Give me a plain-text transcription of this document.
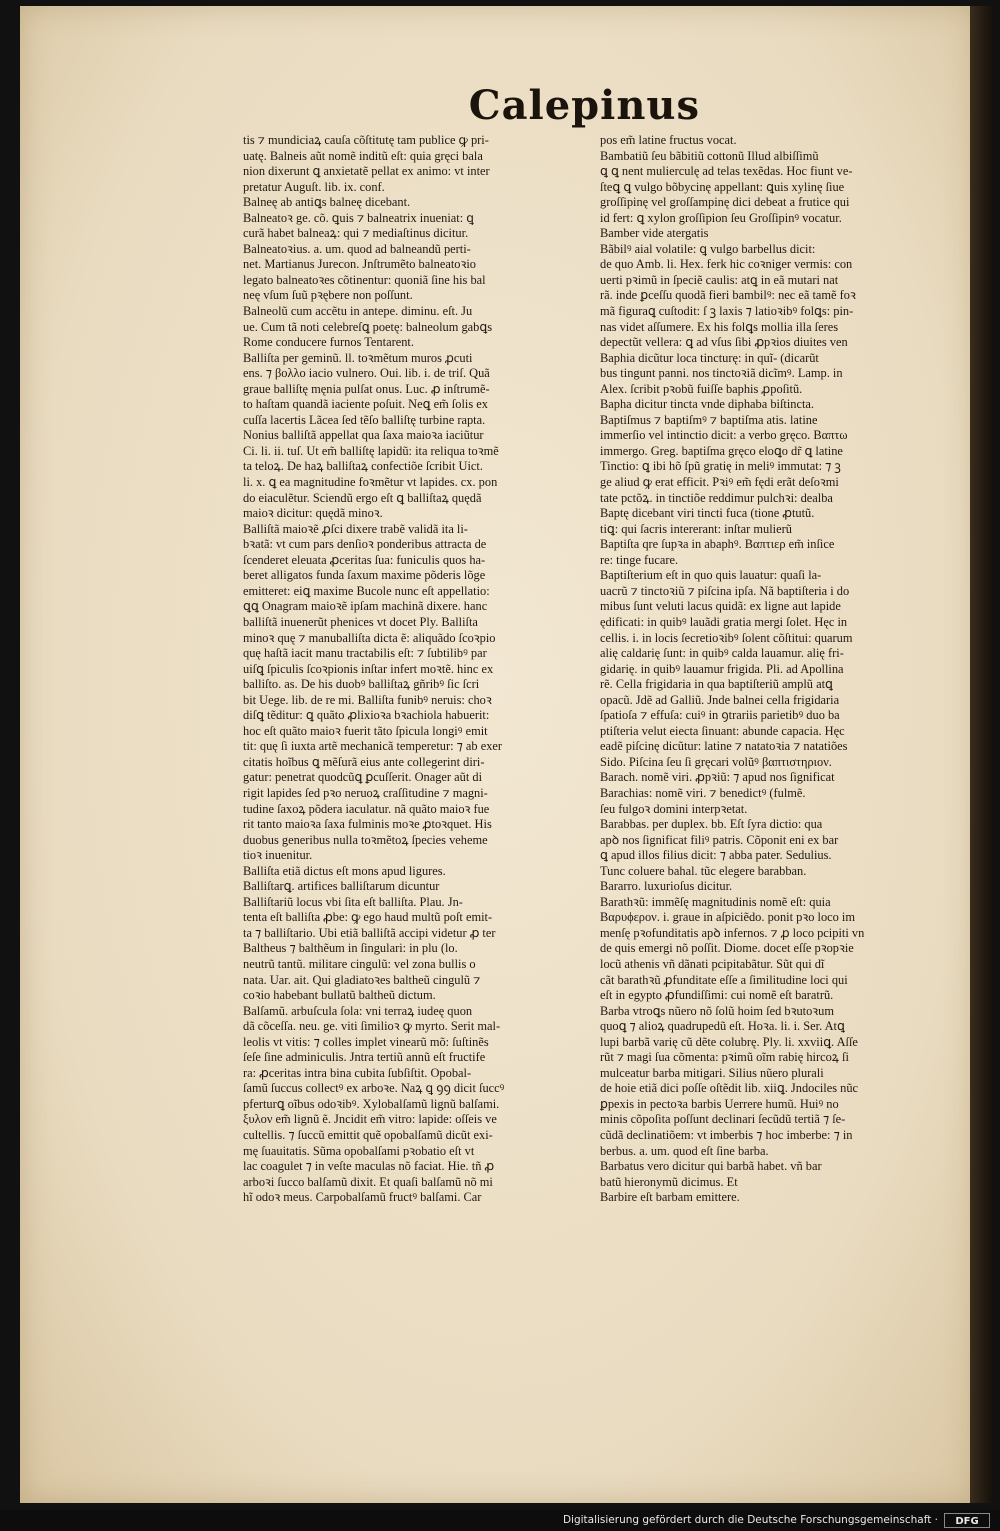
Calepinus

tis ⁊ mundiciaꝝ cauſa cõſtitutę tam publice ꝙ pri-

uatę. Balneis aũt nomẽ inditũ eſt: quia gręci bala

nion dixerunt ꝗ anxietatẽ pellat ex animo: vt inter

pretatur Auguſt. lib. ix. conf.

Balneę ab antiꝗs balneę dicebant.

Balneatoꝛ ge. cõ. ꝗuis ⁊ balneatrix inueniat: ꝗ

curã habet balneaꝝ: qui ⁊ mediaſtinus dicitur.

Balneatoꝛius. a. um. quod ad balneandũ perti-

net. Martianus Jurecon. Jnſtrumẽto balneatoꝛio

legato balneatoꝛes cõtinentur: quoniã ſine his bal

neę vſum ſuũ pꝛębere non poſſunt.

Balneolũ cum accẽtu in antepe. diminu. eſt. Ju

ue. Cum tã noti celebreſꝗ poetę: balneolum gabꝗs

Rome conducere furnos Tentarent.

Balliſta per geminũ. ll. toꝛmẽtum muros ꝓcuti

ens. ⁊ βολλο iacio vulnero. Oui. lib. i. de triſ. Quã

graue balliſtę męnia pulſat onus. Luc. ꝓ inſtrumẽ-

to haſtam quandã iaciente poſuit. Neꝗ em̃ ſolis ex

cuſſa lacertis Lãcea ſed tẽſo balliſtę turbine rapta.

Nonius balliſtã appellat qua ſaxa maioꝛa iaciũtur

Ci. li. ii. tuſ. Ut em̃ balliſtę lapidũ: ita reliqua toꝛmẽ

ta teloꝝ. De haꝝ balliſtaꝝ confectiõe ſcribit Uict.

li. x. ꝗ ea magnitudine foꝛmẽtur vt lapides. cx. pon

do eiaculẽtur. Sciendũ ergo eſt ꝗ balliſtaꝝ quędã

maioꝛ dicitur: quędã minoꝛ.

Balliſtã maioꝛẽ ꝓſci dixere trabẽ validã ita li-

bꝛatã: vt cum pars denſioꝛ ponderibus attracta de

ſcenderet eleuata ꝓceritas ſua: funiculis quos ha-

beret alligatos funda ſaxum maxime põderis lõge

emitteret: eiꝗ maxime Bucole nunc eſt appellatio:

ꝗꝗ Onagram maioꝛẽ ipſam machinã dixere. hanc

balliſtã inuenerũt phenices vt docet Ply. Balliſta

minoꝛ quę ⁊ manuballiſta dicta ẽ: aliquãdo ſcoꝛpio

quę haſtã iacit manu tractabilis eſt: ⁊ ſubtilibꝰ par

uiſꝗ ſpiculis ſcoꝛpionis inſtar infert moꝛtẽ. hinc ex

balliſto. as. De his duobꝰ balliſtaꝝ gñribꝰ ſic ſcri

bit Uege. lib. de re mi. Balliſta funibꝰ neruis: choꝛ

diſꝗ tẽditur: ꝗ quãto ꝓlixioꝛa bꝛachiola habuerit:

hoc eſt quãto maioꝛ fuerit tãto ſpicula longiꝰ emit

tit: quę ſi iuxta artẽ mechanicã temperetur: ⁊ ab exer

citatis hoĩbus ꝗ mẽſurã eius ante collegerint diri-

gatur: penetrat quodcũꝗ ꝑcuſſerit. Onager aũt di

rigit lapides ſed pꝛo neruoꝝ craſſitudine ⁊ magni-

tudine ſaxoꝝ põdera iaculatur. nã quãto maioꝛ fue

rit tanto maioꝛa ſaxa fulminis moꝛe ꝓtoꝛquet. His

duobus generibus nulla toꝛmẽtoꝝ ſpecies veheme

tioꝛ inuenitur.

Balliſta etiã dictus eſt mons apud ligures.

Balliſtarꝗ. artifices balliſtarum dicuntur

Balliſtariũ locus vbi ſita eſt balliſta. Plau. Jn-

tenta eſt balliſta ꝓbe: ꝙ ego haud multũ poſt emit-

ta ⁊ balliſtario. Ubi etiã balliſtã accipi videtur ꝓ ter

Baltheus ⁊ balthẽum in ſingulari: in plu (lo.

neutrũ tantũ. militare cingulũ: vel zona bullis o

nata. Uar. ait. Qui gladiatoꝛes baltheũ cingulũ ⁊

coꝛio habebant bullatũ baltheũ dictum.

Balſamũ. arbuſcula ſola: vni terraꝝ iudeę quon

dã cõceſſa. neu. ge. viti ſimilioꝛ ꝙ myrto. Serit mal-

leolis vt vitis: ⁊ colles implet vinearũ mõ: ſuſtinẽs

ſeſe ſine adminiculis. Jntra tertiũ annũ eſt fructife

ra: ꝓceritas intra bina cubita ſubſiſtit. Opobal-

ſamũ ſuccus collectꝰ ex arboꝛe. Naꝝ ꝗ ꝯꝯ dicit ſuccꝰ

pferturꝗ oĩbus odoꝛibꝰ. Xylobalſamũ lignũ balſami.

ξυλον em̃ lignũ ẽ. Jncidit em̃ vitro: lapide: oſſeis ve

cultellis. ⁊ ſuccũ emittit quẽ opobalſamũ dicũt exi-

mę ſuauitatis. Sũma opobalſami pꝛobatio eſt vt

lac coagulet ⁊ in veſte maculas nõ faciat. Hie. tñ ꝓ

arboꝛi ſucco balſamũ dixit. Et quaſi balſamũ nõ mi

hĩ odoꝛ meus. Carpobalſamũ fructꝰ balſami. Car

pos em̃ latine fructus vocat.

Bambatiũ ſeu bãbitiũ cottonũ Illud albiſſimũ

ꝗ ꝗ nent mulierculę ad telas texẽdas. Hoc fiunt ve-

ſteꝗ ꝗ vulgo bõbycinę appellant: ꝗuis xylinę ſiue

groſſipinę vel groſſampinę dici debeat a frutice qui

id fert: ꝗ xylon groſſipion ſeu Groſſipinꝰ vocatur.

Bamber vide atergatis

Bãbilꝰ aial volatile: ꝗ vulgo barbellus dicit:

de quo Amb. li. Hex. ferk hic coꝛniger vermis: con

uerti pꝛimũ in ſpeciẽ caulis: atꝗ in eã mutari nat

rã. inde ꝑceſſu quodã fieri bambilꝰ: nec eã tamẽ foꝛ

mã figuraꝗ cuſtodit: ſ ꝫ laxis ⁊ latioꝛibꝰ folꝗs: pin-

nas videt aſſumere. Ex his folꝗs mollia illa ſeres

depectũt vellera: ꝗ ad vſus ſibi ꝓpꝛios diuites ven

Baphia dicũtur loca tincturę: in quĩ- (dicarũt

bus tingunt panni. nos tinctoꝛiã dicĩmꝰ. Lamp. in

Alex. ſcribit pꝛobũ fuiſſe baphis ꝓpoſitũ.

Bapha dicitur tincta vnde diphaba biſtincta.

Baptiſmus ⁊ baptiſmꝰ ⁊ baptiſma atis. latine

immerſio vel intinctio dicit: a verbo gręco. Βαπτω

immergo. Greg. baptiſma gręco eloꝗo dr̃ ꝗ latine

Tinctio: ꝗ ibi hõ ſpũ gratię in meliꝰ immutat: ⁊ ꝫ

ge aliud ꝙ erat efficit. Pꝛiꝰ em̃ fędi erãt deſoꝛmi

tate pctõꝝ. in tinctiõe reddimur pulchꝛi: dealba

Baptę dicebant viri tincti fuca (tione ꝓtutũ.

tiꝗ: qui ſacris intererant: inſtar mulierũ

Baptiſta qre ſupꝛa in abaphꝰ. Βαπτιερ em̃ inſice

re: tinge fucare.

Baptiſterium eſt in quo quis lauatur: quaſi la-

uacrũ ⁊ tinctoꝛiũ ⁊ piſcina ipſa. Nã baptiſteria i do

mibus ſunt veluti lacus quidã: ex ligne aut lapide

ędificati: in quibꝰ lauãdi gratia mergi ſolet. Hęc in

cellis. i. in locis ſecretioꝛibꝰ ſolent cõſtitui: quarum

alię caldarię ſunt: in quibꝰ calda lauamur. alię fri-

gidarię. in quibꝰ lauamur frigida. Pli. ad Apollina

rẽ. Cella frigidaria in qua baptiſteriũ amplũ atꝗ

opacũ. Jdẽ ad Galliũ. Jnde balnei cella frigidaria

ſpatioſa ⁊ effuſa: cuiꝰ in ꝯtrariis parietibꝰ duo ba

ptiſteria velut eiecta ſinuant: abunde capacia. Hęc

eadẽ piſcinę dicũtur: latine ⁊ natatoꝛia ⁊ natatiões

Sido. Piſcina ſeu ſi gręcari volũꝰ βαπτιστηριον.

Barach. nomẽ viri. ꝓpꝛiũ: ⁊ apud nos ſignificat

Barachias: nomẽ viri. ⁊ benedictꝰ (fulmẽ.

ſeu fulgoꝛ domini interpꝛetat.

Barabbas. per duplex. bb. Eſt ſyra dictio: qua

apꝺ nos ſignificat filiꝰ patris. Cõponit eni ex bar

ꝗ apud illos filius dicit: ⁊ abba pater. Sedulius.

Tunc coluere bahal. tũc elegere barabban.

Bararro. luxurioſus dicitur.

Barathꝛũ: immẽſę magnitudinis nomẽ eſt: quia

Βαρυϕερον. i. graue in aſpiciẽdo. ponit pꝛo loco im

menſę pꝛofunditatis apꝺ infernos. ⁊ ꝓ loco pcipiti vn

de quis emergi nõ poſſit. Diome. docet eſſe pꝛopꝛie

locũ athenis vñ dãnati pcipitabãtur. Sũt qui dĩ

cãt barathꝛũ ꝓfunditate eſſe a ſimilitudine loci qui

eſt in egypto ꝓfundiſſimi: cui nomẽ eſt baratrũ.

Barba vtroꝗs nũero nõ ſolũ hoim ſed bꝛutoꝛum

quoꝗ ⁊ alioꝝ quadrupedũ eſt. Hoꝛa. li. i. Ser. Atꝗ

lupi barbã varię cũ dẽte colubrę. Ply. li. xxviiꝗ. Aſſe

rũt ⁊ magi ſua cõmenta: pꝛimũ oĩm rabię hircoꝝ ſi

mulceatur barba mitigari. Silius nũero plurali

de hoie etiã dici poſſe oſtẽdit lib. xiiꝗ. Jndociles nũc

ꝑpexis in pectoꝛa barbis Uerrere humũ. Huiꝰ no

minis cõpoſita poſſunt declinari ſecũdũ tertiã ⁊ ſe-

cũdã declinatiõem: vt imberbis ⁊ hoc imberbe: ⁊ in

berbus. a. um. quod eſt ſine barba.

Barbatus vero dicitur qui barbã habet. vñ bar

batũ hieronymũ dicimus. Et

Barbire eſt barbam emittere.

Digitalisierung gefördert durch die Deutsche Forschungsgemeinschaft ·	DFG
